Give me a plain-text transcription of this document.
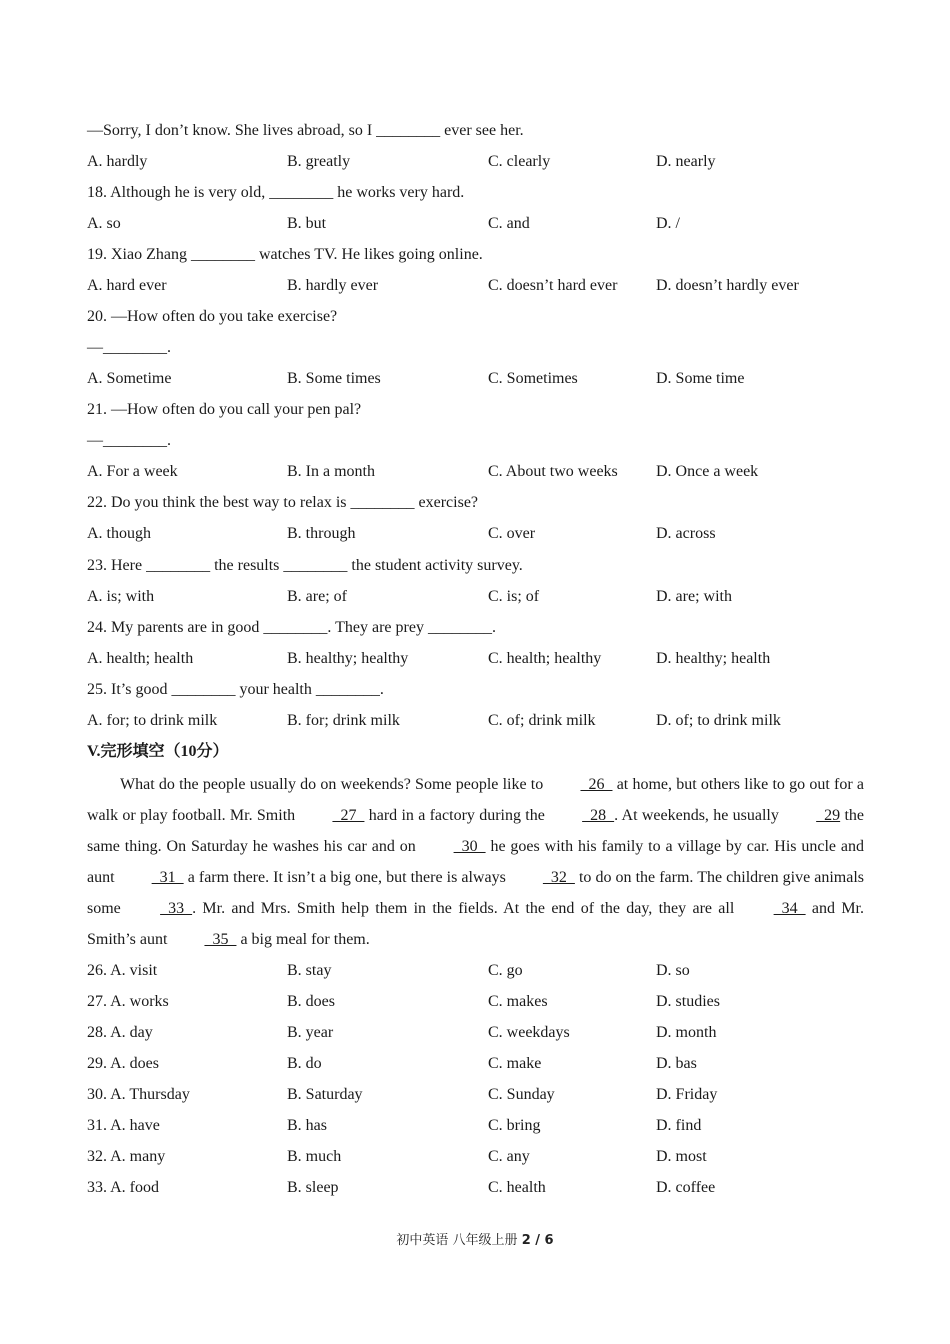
—Sorry, I don’t know. She lives abroad, so I ________ ever see her.
A. hardly	B. greatly	C. clearly	D. nearly
18. Although he is very old, ________ he works very hard.
A. so	B. but	C. and	D. /
19. Xiao Zhang ________ watches TV. He likes going online.
A. hard ever	B. hardly ever	C. doesn’t hard ever D. doesn’t hardly ever
20. —How often do you take exercise?
—________.
A. Sometime	B. Some times	C. Sometimes	D. Some time
21. —How often do you call your pen pal?
—________.
A. For a week	B. In a month	C. About two weeks D. Once a week
22. Do you think the best way to relax is ________ exercise?
A. though	B. through	C. over	D. across
23. Here ________ the results ________ the student activity survey.
A. is; with	B. are; of	C. is; of	D. are; with
24. My parents are in good ________. They are prey ________.
A. health; health	B. healthy; healthy	C. health; healthy	D. healthy; health
25. It’s good ________ your health ________.
A. for; to drink milk	B. for; drink milk	C. of; drink milk	D. of; to drink milk
V.完形填空（10分）

What do the people usually do on weekends? Some people like to   26   at home, but others like to go out for a walk or play football. Mr. Smith   27   hard in a factory during the   28  . At weekends, he usually   29 the same thing. On Saturday he washes his car and on   30   he goes with his family to a village by car. His uncle and aunt   31   a farm there. It isn’t a big one, but there is always   32   to do on the farm. The children give animals some   33  . Mr. and Mrs. Smith help them in the fields. At the end of the day, they are all   34   and Mr. Smith’s aunt   35   a big meal for them.

26. A. visit	B. stay	C. go	D. so
27. A. works	B. does	C. makes	D. studies
28. A. day	B. year	C. weekdays	D. month
29. A. does	B. do	C. make	D. bas
30. A. Thursday	B. Saturday	C. Sunday	D. Friday
31. A. have	B. has	C. bring	D. find
32. A. many	B. much	C. any	D. most
33. A. food	B. sleep	C. health	D. coffee
初中英语 八年级上册 2 / 6
